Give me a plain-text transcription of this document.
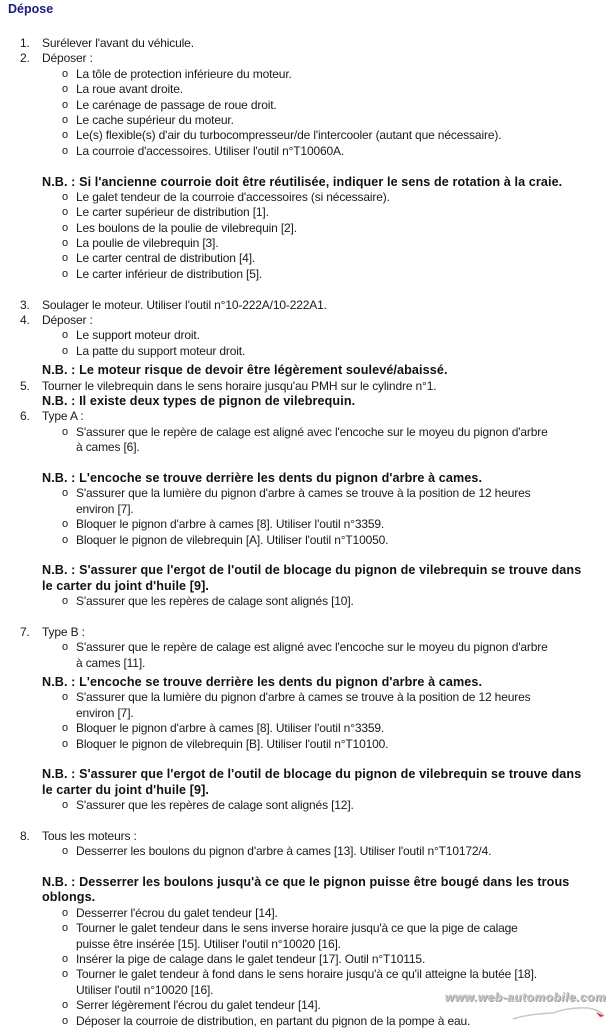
Dépose
1.	Surélever l'avant du véhicule.
2.	Déposer :
o La tôle de protection inférieure du moteur.
o La roue avant droite.
o Le carénage de passage de roue droit.
o Le cache supérieur du moteur.
o Le(s) flexible(s) d'air du turbocompresseur/de l'intercooler (autant que nécessaire).
o La courroie d'accessoires. Utiliser l'outil n°T10060A.
N.B. : Si l'ancienne courroie doit être réutilisée, indiquer le sens de rotation à la craie.
o Le galet tendeur de la courroie d'accessoires (si nécessaire).
o Le carter supérieur de distribution [1].
o Les boulons de la poulie de vilebrequin [2].
o La poulie de vilebrequin [3].
o Le carter central de distribution [4].
o Le carter inférieur de distribution [5].
3.	Soulager le moteur. Utiliser l'outil n°10-222A/10-222A1.
4.	Déposer :
o Le support moteur droit.
o La patte du support moteur droit.
N.B. : Le moteur risque de devoir être légèrement soulevé/abaissé.
5.	Tourner le vilebrequin dans le sens horaire jusqu'au PMH sur le cylindre n°1.
N.B. : Il existe deux types de pignon de vilebrequin.
6.	Type A :
o S'assurer que le repère de calage est aligné avec l'encoche sur le moyeu du pignon d'arbre
à cames [6].
N.B. : L'encoche se trouve derrière les dents du pignon d'arbre à cames.
o S'assurer que la lumière du pignon d'arbre à cames se trouve à la position de 12 heures
environ [7].
o Bloquer le pignon d'arbre à cames [8]. Utiliser l'outil n°3359.
o Bloquer le pignon de vilebrequin [A]. Utiliser l'outil n°T10050.
N.B. : S'assurer que l'ergot de l'outil de blocage du pignon de vilebrequin se trouve dans
le carter du joint d'huile [9].
o S'assurer que les repères de calage sont alignés [10].
7.	Type B :
o S'assurer que le repère de calage est aligné avec l'encoche sur le moyeu du pignon d'arbre
à cames [11].
N.B. : L'encoche se trouve derrière les dents du pignon d'arbre à cames.
o S'assurer que la lumière du pignon d'arbre à cames se trouve à la position de 12 heures
environ [7].
o Bloquer le pignon d'arbre à cames [8]. Utiliser l'outil n°3359.
o Bloquer le pignon de vilebrequin [B]. Utiliser l'outil n°T10100.
N.B. : S'assurer que l'ergot de l'outil de blocage du pignon de vilebrequin se trouve dans
le carter du joint d'huile [9].
o S'assurer que les repères de calage sont alignés [12].
8.	Tous les moteurs :
o Desserrer les boulons du pignon d'arbre à cames [13]. Utiliser l'outil n°T10172/4.
N.B. : Desserrer les boulons jusqu'à ce que le pignon puisse être bougé dans les trous
oblongs.
o Desserrer l'écrou du galet tendeur [14].
o Tourner le galet tendeur dans le sens inverse horaire jusqu'à ce que la pige de calage
puisse être insérée [15]. Utiliser l'outil n°10020 [16].
o Insérer la pige de calage dans le galet tendeur [17]. Outil n°T10115.
o Tourner le galet tendeur à fond dans le sens horaire jusqu'à ce qu'il atteigne la butée [18].
Utiliser l'outil n°10020 [16].
o Serrer légèrement l'écrou du galet tendeur [14].
o Déposer la courroie de distribution, en partant du pignon de la pompe à eau.
www.web-automobile.com
